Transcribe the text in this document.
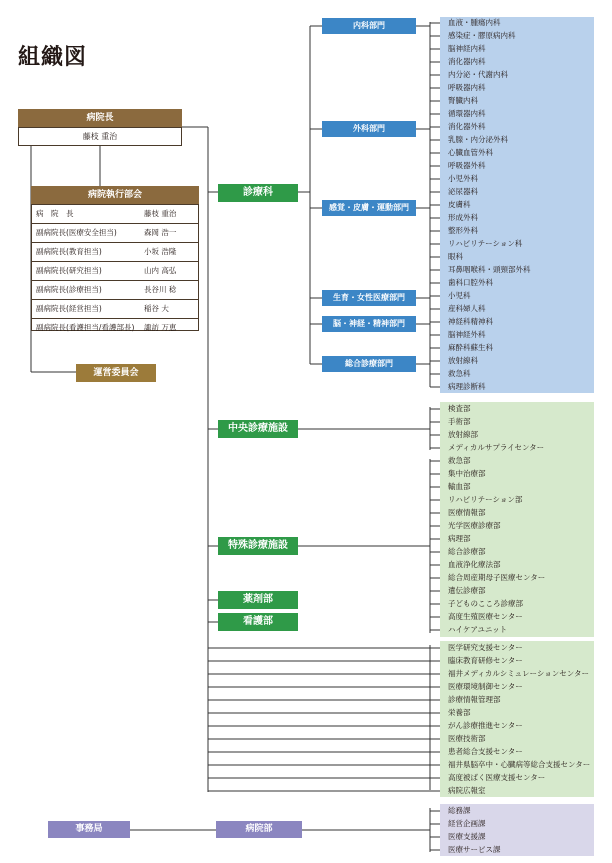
組織図
病院長
藤枝 重治
病院執行部会
病　院　長	藤枝 重治
副病院長(医療安全担当)	森岡 浩一
副病院長(教育担当)	小坂 浩隆
副病院長(研究担当)	山内 高弘
副病院長(診療担当)	長谷川 稔
副病院長(経営担当)	稲谷 大
副病院長(看護担当/看護部長) 諏訪 万恵
運営委員会
診療科
内科部門
外科部門
感覚・皮膚・運動部門
生育・女性医療部門
脳・神経・精神部門
総合診療部門
中央診療施設
特殊診療施設
薬剤部
看護部
事務局	病院部
血液・腫瘍内科
感染症・膠原病内科
脳神経内科
消化器内科
内分泌・代謝内科
呼吸器内科
腎臓内科
循環器内科
消化器外科
乳腺・内分泌外科
心臓血管外科
呼吸器外科
小児外科
泌尿器科
皮膚科
形成外科
整形外科
リハビリテーション科
眼科
耳鼻咽喉科・頭頸部外科
歯科口腔外科
小児科
産科婦人科
神経科精神科
脳神経外科
麻酔科蘇生科
放射線科
救急科
病理診断科
検査部
手術部
放射線部
メディカルサプライセンター
救急部
集中治療部
輸血部
リハビリテーション部
医療情報部
光学医療診療部
病理部
総合診療部
血液浄化療法部
総合周産期母子医療センター
遺伝診療部
子どものこころ診療部
高度生殖医療センター
ハイケアユニット
医学研究支援センター
臨床教育研修センター
福井メディカルシミュレーションセンター
医療環境制御センター
診療情報管理部
栄養部
がん診療推進センター
医療技術部
患者総合支援センター
福井県脳卒中・心臓病等総合支援センター
高度被ばく医療支援センター
病院広報室
総務課
経営企画課
医療支援課
医療サービス課
